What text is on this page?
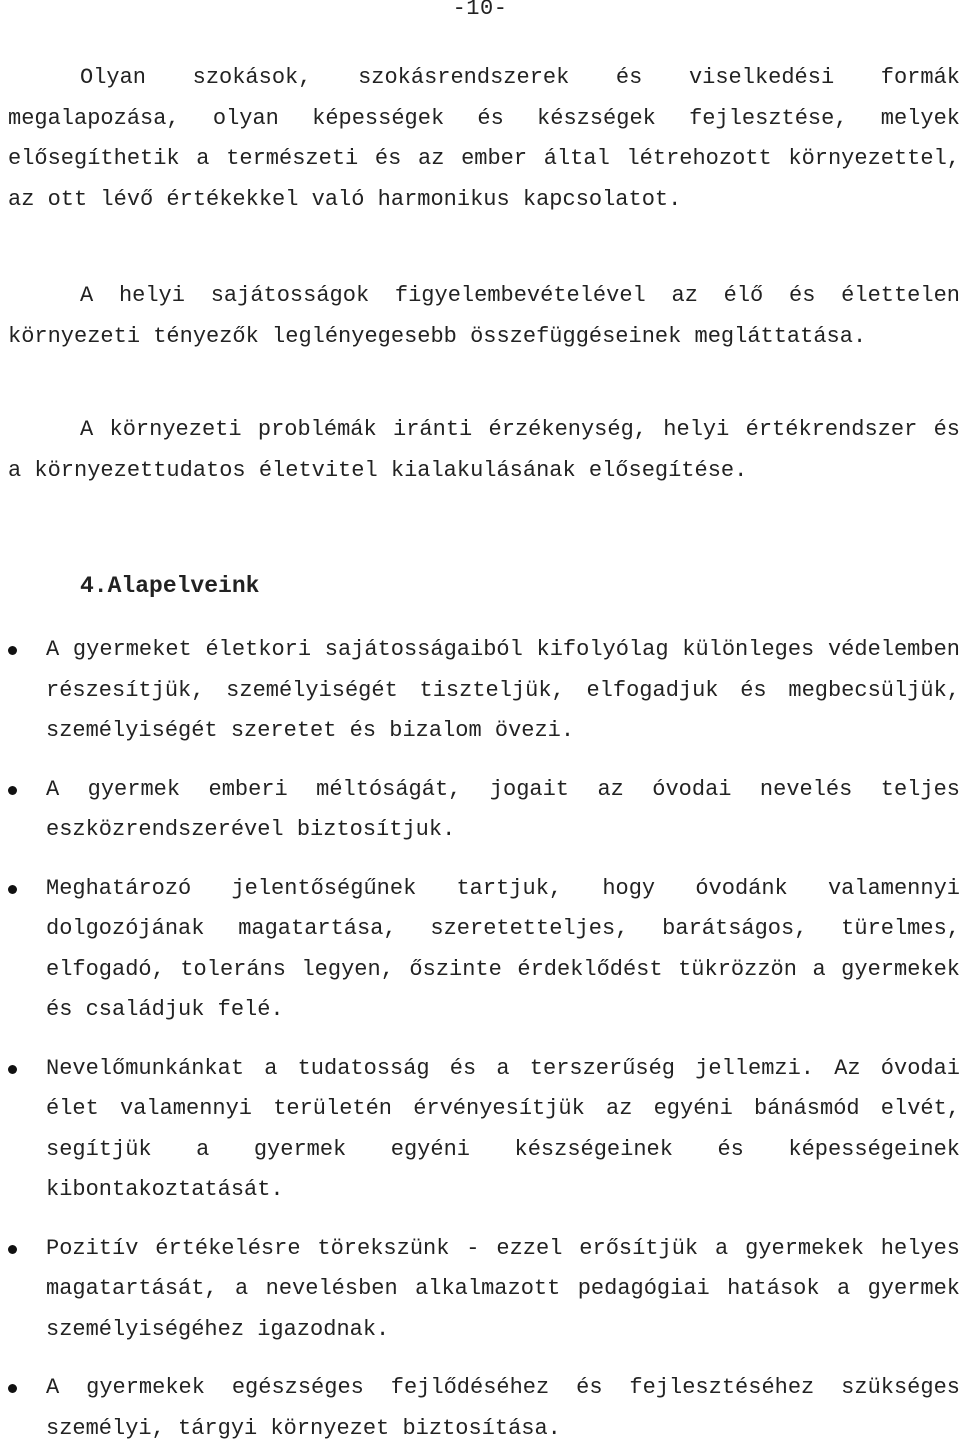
-10-

Olyan szokások, szokásrendszerek és viselkedési formák megalapozása, olyan képességek és készségek fejlesztése, melyek elősegíthetik a természeti és az ember által létrehozott környezettel, az ott lévő értékekkel való harmonikus kapcsolatot.

A helyi sajátosságok figyelembevételével az élő és élettelen környezeti tényezők leglényegesebb összefüggéseinek megláttatása.

A környezeti problémák iránti érzékenység, helyi értékrendszer és a környezettudatos életvitel kialakulásának elősegítése.

4.Alapelveink
A gyermeket életkori sajátosságaiból kifolyólag különleges védelemben részesítjük, személyiségét tiszteljük, elfogadjuk és megbecsüljük, személyiségét szeretet és bizalom övezi.
A gyermek emberi méltóságát, jogait az óvodai nevelés teljes eszközrendszerével biztosítjuk.
Meghatározó jelentőségűnek tartjuk, hogy óvodánk valamennyi dolgozójának magatartása, szeretetteljes, barátságos, türelmes, elfogadó, toleráns legyen, őszinte érdeklődést tükrözzön a gyermekek és családjuk felé.
Nevelőmunkánkat a tudatosság és a terszerűség jellemzi. Az óvodai élet valamennyi területén érvényesítjük az egyéni bánásmód elvét, segítjük a gyermek egyéni készségeinek és képességeinek kibontakoztatását.
Pozitív értékelésre törekszünk - ezzel erősítjük a gyermekek helyes magatartását, a nevelésben alkalmazott pedagógiai hatások a gyermek személyiségéhez igazodnak.
A gyermekek egészséges fejlődéséhez és fejlesztéséhez szükséges személyi, tárgyi környezet biztosítása.
